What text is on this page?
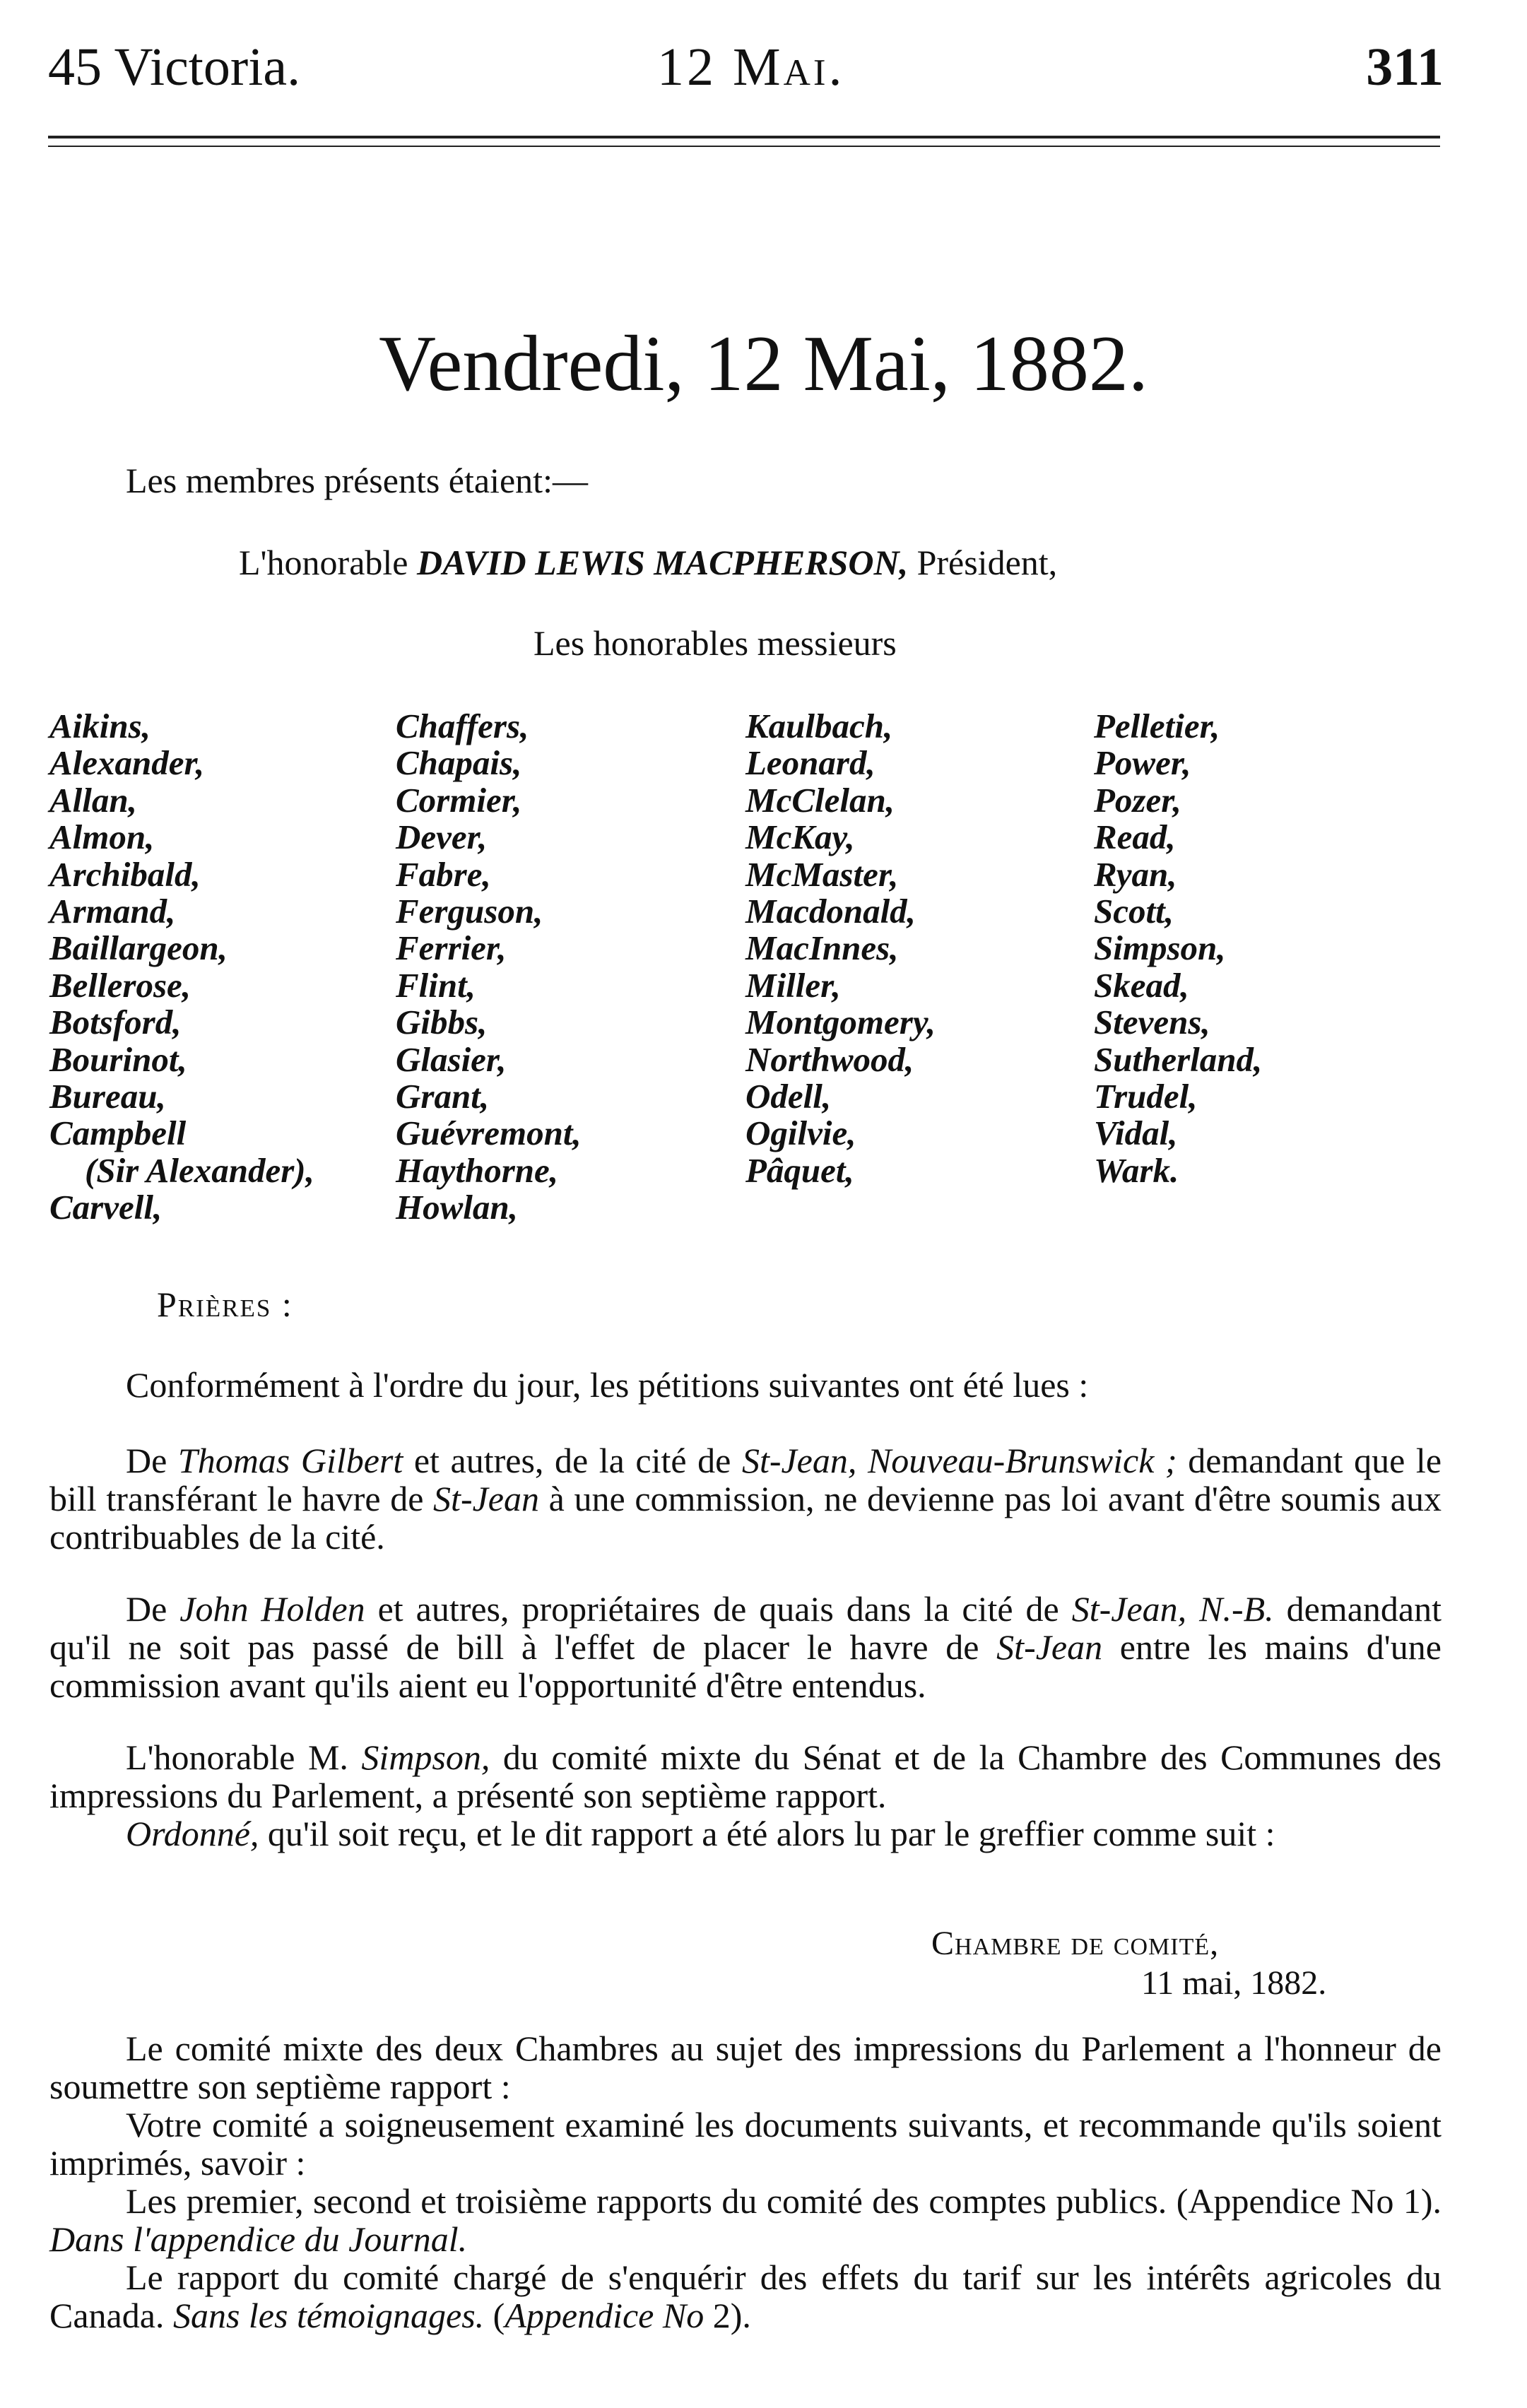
45 Victoria.	12 Mai.	311
Vendredi, 12 Mai, 1882.
Les membres présents étaient:—
L'honorable DAVID LEWIS MACPHERSON, Président,
Les honorables messieurs
Aikins,
Alexander,
Allan,
Almon,
Archibald,
Armand,
Baillargeon,
Bellerose,
Botsford,
Bourinot,
Bureau,
Campbell
(Sir Alexander),
Carvell,
Chaffers,
Chapais,
Cormier,
Dever,
Fabre,
Ferguson,
Ferrier,
Flint,
Gibbs,
Glasier,
Grant,
Guévremont,
Haythorne,
Howlan,
Kaulbach,
Leonard,
McClelan,
McKay,
McMaster,
Macdonald,
MacInnes,
Miller,
Montgomery,
Northwood,
Odell,
Ogilvie,
Pâquet,
Pelletier,
Power,
Pozer,
Read,
Ryan,
Scott,
Simpson,
Skead,
Stevens,
Sutherland,
Trudel,
Vidal,
Wark.
Prières :
Conformément à l'ordre du jour, les pétitions suivantes ont été lues :
De Thomas Gilbert et autres, de la cité de St-Jean, Nouveau-Brunswick ; demandant que le bill transférant le havre de St-Jean à une commission, ne devienne pas loi avant d'être soumis aux contribuables de la cité.
De John Holden et autres, propriétaires de quais dans la cité de St-Jean, N.-B. demandant qu'il ne soit pas passé de bill à l'effet de placer le havre de St-Jean entre les mains d'une commission avant qu'ils aient eu l'opportunité d'être entendus.
L'honorable M. Simpson, du comité mixte du Sénat et de la Chambre des Communes des impressions du Parlement, a présenté son septième rapport.
Ordonné, qu'il soit reçu, et le dit rapport a été alors lu par le greffier comme suit :
Chambre de comité,
11 mai, 1882.
Le comité mixte des deux Chambres au sujet des impressions du Parlement a l'honneur de soumettre son septième rapport :
Votre comité a soigneusement examiné les documents suivants, et recommande qu'ils soient imprimés, savoir :
Les premier, second et troisième rapports du comité des comptes publics. (Appendice No 1). Dans l'appendice du Journal.
Le rapport du comité chargé de s'enquérir des effets du tarif sur les intérêts agricoles du Canada. Sans les témoignages. (Appendice No 2).
